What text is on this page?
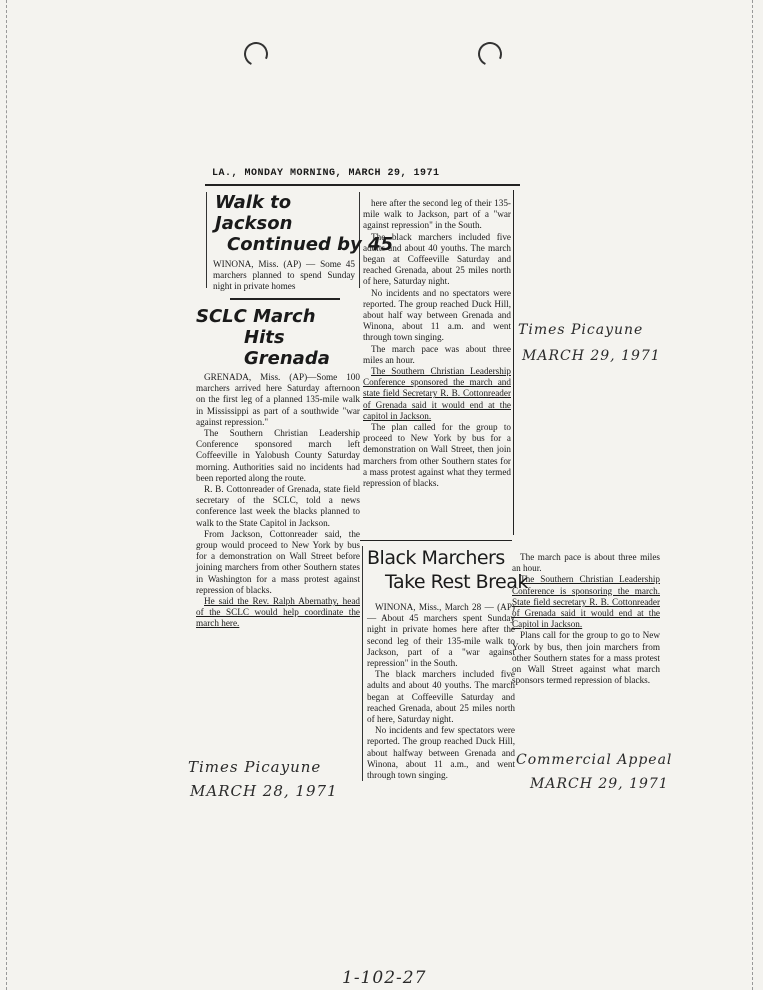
LA., MONDAY MORNING, MARCH 29, 1971
Walk to Jackson
Continued by 45
WINONA, Miss. (AP) — Some 45 marchers planned to spend Sunday night in private homes

here after the second leg of their 135-mile walk to Jackson, part of a "war against repression" in the South.

The black marchers included five adults and about 40 youths. The march began at Coffeeville Saturday and reached Grenada, about 25 miles north of here, Saturday night.

No incidents and no spectators were reported. The group reached Duck Hill, about half way between Grenada and Winona, about 11 a.m. and went through town singing.

The march pace was about three miles an hour.

The Southern Christian Leadership Conference sponsored the march and state field Secretary R. B. Cottonreader of Grenada said it would end at the capitol in Jackson.

The plan called for the group to proceed to New York by bus for a demonstration on Wall Street, then join marchers from other Southern states for a mass protest against what they termed repression of blacks.

SCLC March
Hits Grenada

GRENADA, Miss. (AP)—Some 100 marchers arrived here Saturday afternoon on the first leg of a planned 135-mile walk in Mississippi as part of a southwide "war against repression."

The Southern Christian Leadership Conference sponsored march left Coffeeville in Yalobush County Saturday morning. Authorities said no incidents had been reported along the route.

R. B. Cottonreader of Grenada, state field secretary of the SCLC, told a news conference last week the blacks planned to walk to the State Capitol in Jackson.

From Jackson, Cottonreader said, the group would proceed to New York by bus for a demonstration on Wall Street before joining marchers from other Southern states in Washington for a mass protest against repression of blacks.

He said the Rev. Ralph Abernathy, head of the SCLC would help coordinate the march here.

Black Marchers
Take Rest Break

WINONA, Miss., March 28 — (AP) — About 45 marchers spent Sunday night in private homes here after the second leg of their 135-mile walk to Jackson, part of a "war against repression" in the South.

The black marchers included five adults and about 40 youths. The march began at Coffeeville Saturday and reached Grenada, about 25 miles north of here, Saturday night.

No incidents and few spectators were reported. The group reached Duck Hill, about halfway between Grenada and Winona, about 11 a.m., and went through town singing.

The march pace is about three miles an hour.

The Southern Christian Leadership Conference is sponsoring the march. State field secretary R. B. Cottonreader of Grenada said it would end at the Capitol in Jackson.

Plans call for the group to go to New York by bus, then join marchers from other Southern states for a mass protest on Wall Street against what march sponsors termed repression of blacks.

Times Picayune
MARCH 29, 1971
Times Picayune
MARCH 28, 1971
Commercial Appeal
MARCH 29, 1971
1-102-27
